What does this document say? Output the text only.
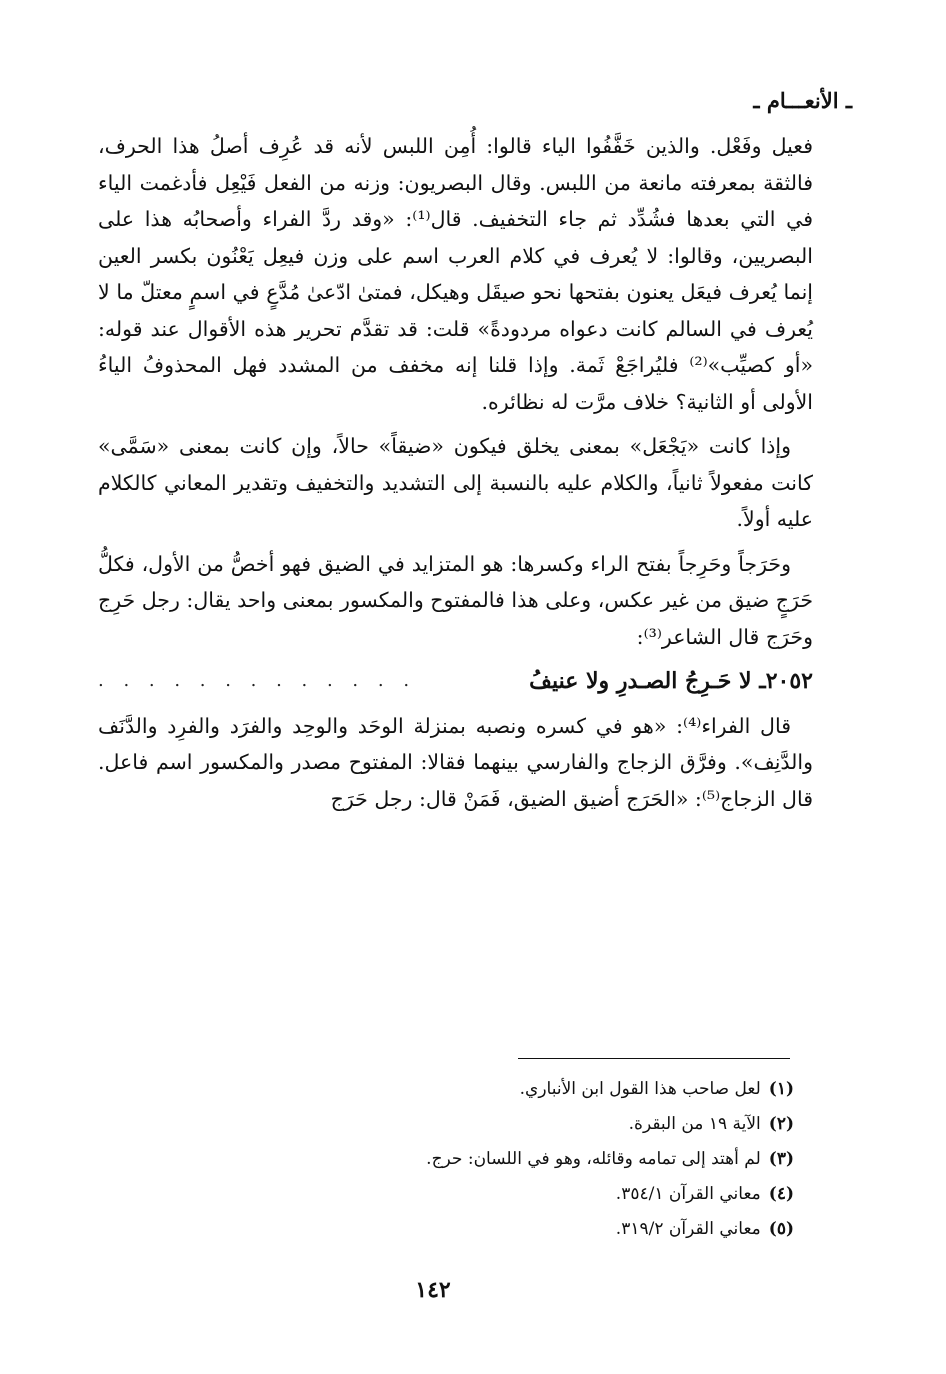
ـ الأنعـــام ـ

فعيل وفَعْل. والذين خَفَّفُوا الياء قالوا: أُمِن اللبس لأنه قد عُرِف أصلُ هذا الحرف، فالثقة بمعرفته مانعة من اللبس. وقال البصريون: وزنه من الفعل فَيْعِل فأدغمت الياء في التي بعدها فشُدِّد ثم جاء التخفيف. قال⁽¹⁾: «وقد ردَّ الفراء وأصحابُه هذا على البصريين، وقالوا: لا يُعرف في كلام العرب اسم على وزن فيعِل يَعْنُون بكسر العين إنما يُعرف فيعَل يعنون بفتحها نحو صيقَل وهيكل، فمتىٰ ادّعىٰ مُدَّعٍ في اسمٍ معتلّ ما لا يُعرف في السالم كانت دعواه مردودةً» قلت: قد تقدَّم تحرير هذه الأقوال عند قوله: «أو كصيِّب»⁽²⁾ فليُراجَعْ ثَمة. وإذا قلنا إنه مخفف من المشدد فهل المحذوفُ الياءُ الأولى أو الثانية؟ خلاف مرَّت له نظائره.

وإذا كانت «يَجْعَل» بمعنى يخلق فيكون «ضيقاً» حالاً، وإن كانت بمعنى «سَمَّى» كانت مفعولاً ثانياً، والكلام عليه بالنسبة إلى التشديد والتخفيف وتقدير المعاني كالكلام عليه أولاً.

وحَرَجاً وحَرِجاً بفتح الراء وكسرها: هو المتزايد في الضيق فهو أخصُّ من الأول، فكلُّ حَرَجٍ ضيق من غير عكس، وعلى هذا فالمفتوح والمكسور بمعنى واحد يقال: رجل حَرِج وحَرَج قال الشاعر⁽³⁾:

٢٠٥٢ـ لا حَـرِجُ الصـدرِ ولا عنيفُ
. . . . . . . . . . . . .

قال الفراء⁽⁴⁾: «هو في كسره ونصبه بمنزلة الوحَد والوحِد والفرَد والفرِد والدَّنَف والدَّنِف». وفرَّق الزجاج والفارسي بينهما فقالا: المفتوح مصدر والمكسور اسم فاعل. قال الزجاج⁽⁵⁾: «الحَرَج أضيق الضيق، فَمَنْ قال: رجل حَرَج

(١)لعل صاحب هذا القول ابن الأنباري.
(٢)الآية ١٩ من البقرة.
(٣)لم أهتد إلى تمامه وقائله، وهو في اللسان: حرج.
(٤)معاني القرآن ٣٥٤/١.
(٥)معاني القرآن ٣١٩/٢.
١٤٢
